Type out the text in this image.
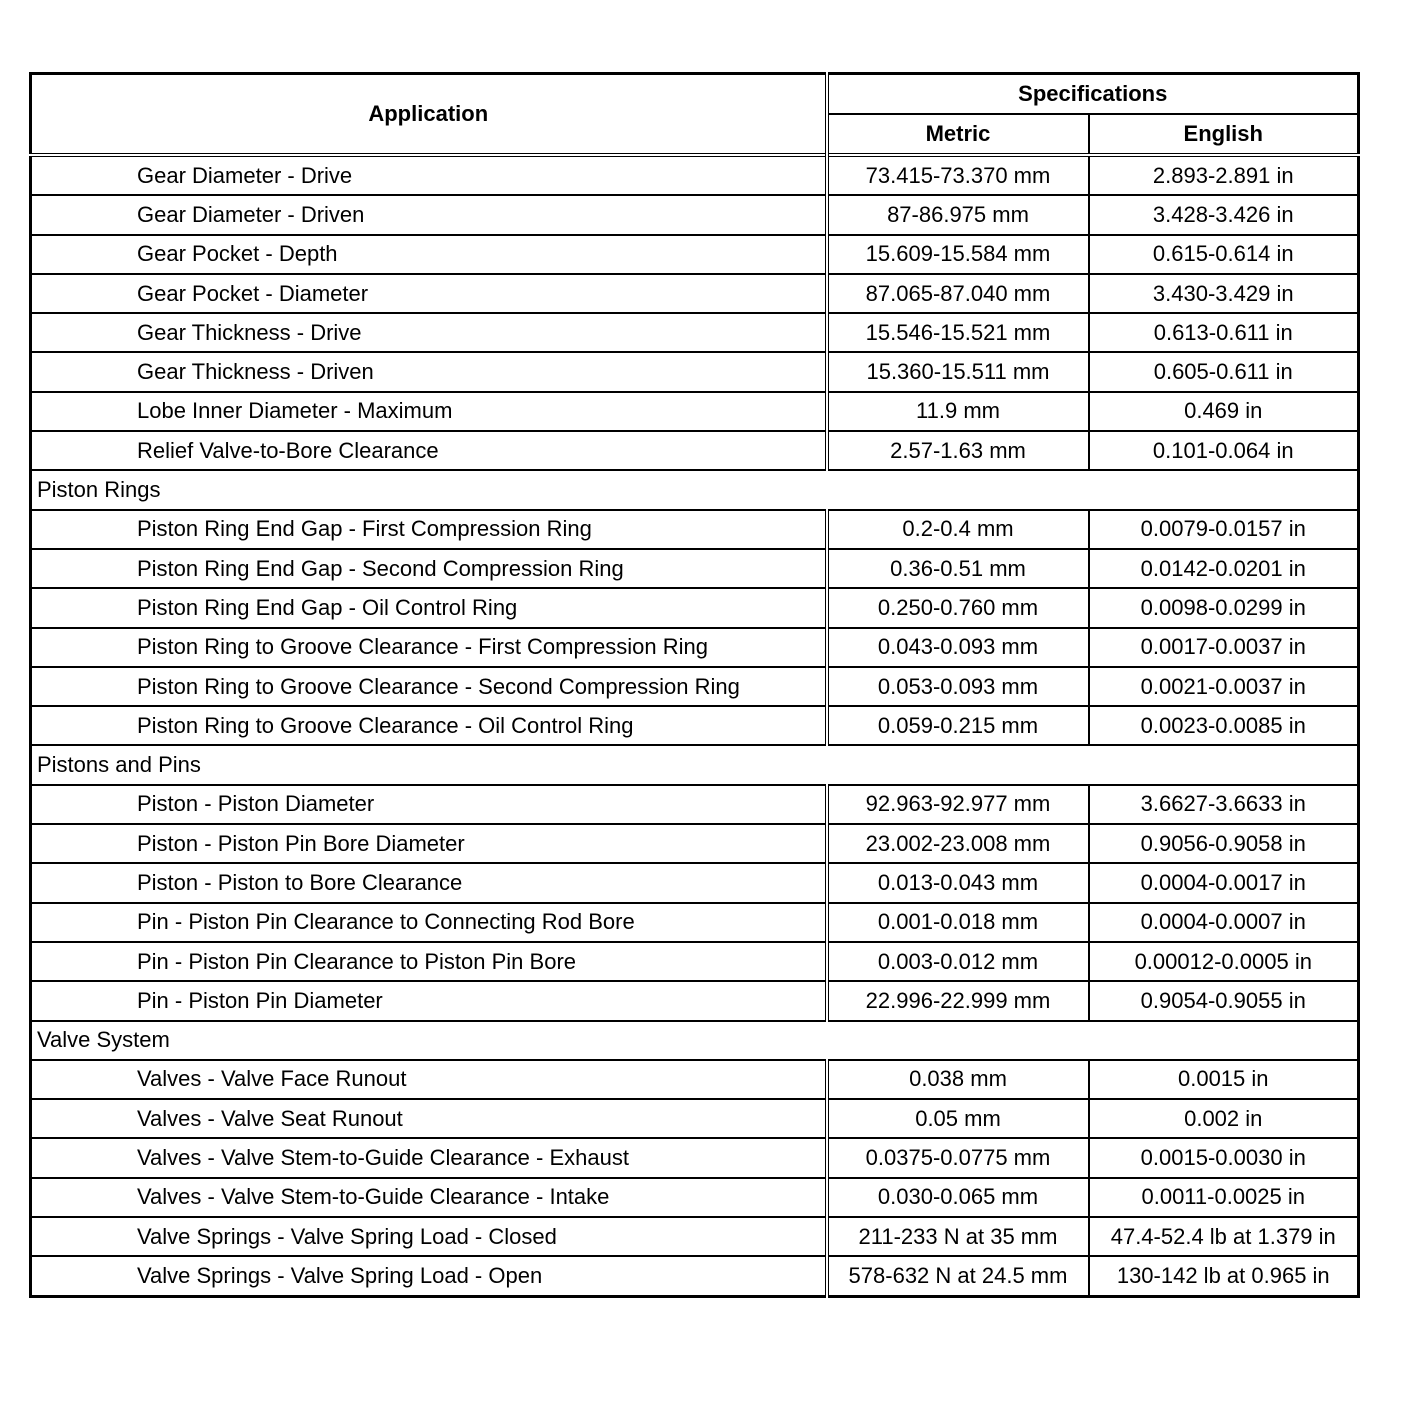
Application	Specifications	
	Metric	English
Gear Diameter - Drive	73.415-73.370 mm	2.893-2.891 in
Gear Diameter - Driven	87-86.975 mm	3.428-3.426 in
Gear Pocket - Depth	15.609-15.584 mm	0.615-0.614 in
Gear Pocket - Diameter	87.065-87.040 mm	3.430-3.429 in
Gear Thickness - Drive	15.546-15.521 mm	0.613-0.611 in
Gear Thickness - Driven	15.360-15.511 mm	0.605-0.611 in
Lobe Inner Diameter - Maximum	11.9 mm	0.469 in
Relief Valve-to-Bore Clearance	2.57-1.63 mm	0.101-0.064 in
Piston Rings		
Piston Ring End Gap - First Compression Ring	0.2-0.4 mm	0.0079-0.0157 in
Piston Ring End Gap - Second Compression Ring	0.36-0.51 mm	0.0142-0.0201 in
Piston Ring End Gap - Oil Control Ring	0.250-0.760 mm	0.0098-0.0299 in
Piston Ring to Groove Clearance - First Compression Ring	0.043-0.093 mm	0.0017-0.0037 in
Piston Ring to Groove Clearance - Second Compression Ring	0.053-0.093 mm	0.0021-0.0037 in
Piston Ring to Groove Clearance - Oil Control Ring	0.059-0.215 mm	0.0023-0.0085 in
Pistons and Pins		
Piston - Piston Diameter	92.963-92.977 mm	3.6627-3.6633 in
Piston - Piston Pin Bore Diameter	23.002-23.008 mm	0.9056-0.9058 in
Piston - Piston to Bore Clearance	0.013-0.043 mm	0.0004-0.0017 in
Pin - Piston Pin Clearance to Connecting Rod Bore	0.001-0.018 mm	0.0004-0.0007 in
Pin - Piston Pin Clearance to Piston Pin Bore	0.003-0.012 mm	0.00012-0.0005 in
Pin - Piston Pin Diameter	22.996-22.999 mm	0.9054-0.9055 in
Valve System		
Valves - Valve Face Runout	0.038 mm	0.0015 in
Valves - Valve Seat Runout	0.05 mm	0.002 in
Valves - Valve Stem-to-Guide Clearance - Exhaust	0.0375-0.0775 mm	0.0015-0.0030 in
Valves - Valve Stem-to-Guide Clearance - Intake	0.030-0.065 mm	0.0011-0.0025 in
Valve Springs - Valve Spring Load - Closed	211-233 N at 35 mm	47.4-52.4 lb at 1.379 in
Valve Springs - Valve Spring Load - Open	578-632 N at 24.5 mm	130-142 lb at 0.965 in
